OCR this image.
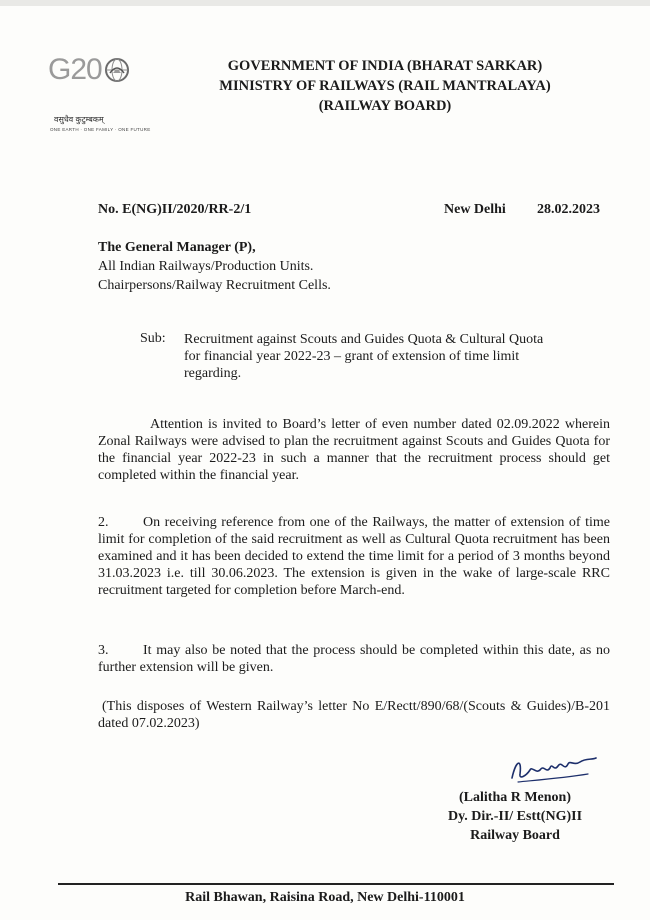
G20
वसुधैव कुटुम्बकम्
ONE EARTH · ONE FAMILY · ONE FUTURE
GOVERNMENT OF INDIA (BHARAT SARKAR)
MINISTRY OF RAILWAYS (RAIL MANTRALAYA)
(RAILWAY BOARD)
No. E(NG)II/2020/RR-2/1	New Delhi 28.02.2023
The General Manager (P),
All Indian Railways/Production Units.
Chairpersons/Railway Recruitment Cells.
Sub: Recruitment against Scouts and Guides Quota & Cultural Quota for financial year 2022-23 – grant of extension of time limit regarding.
Attention is invited to Board’s letter of even number dated 02.09.2022 wherein Zonal Railways were advised to plan the recruitment against Scouts and Guides Quota for the financial year 2022-23 in such a manner that the recruitment process should get completed within the financial year.
2. On receiving reference from one of the Railways, the matter of extension of time limit for completion of the said recruitment as well as Cultural Quota recruitment has been examined and it has been decided to extend the time limit for a period of 3 months beyond 31.03.2023 i.e. till 30.06.2023. The extension is given in the wake of large-scale RRC recruitment targeted for completion before March-end.
3. It may also be noted that the process should be completed within this date, as no further extension will be given.
(This disposes of Western Railway’s letter No E/Rectt/890/68/(Scouts & Guides)/B-201 dated 07.02.2023)
(Lalitha R Menon)
Dy. Dir.-II/ Estt(NG)II
Railway Board
Rail Bhawan, Raisina Road, New Delhi-110001
